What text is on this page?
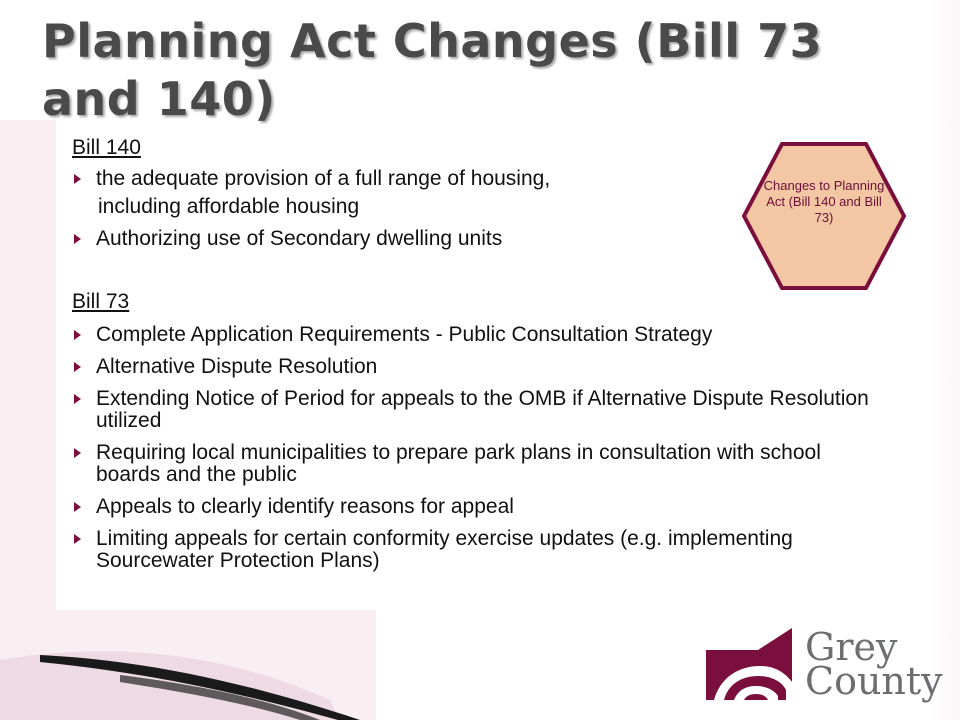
Planning Act Changes (Bill 73 and 140)
Bill 140
the adequate provision of a full range of housing,
including affordable housing
Authorizing use of Secondary dwelling units
Bill 73
Complete Application Requirements - Public Consultation Strategy
Alternative Dispute Resolution
Extending Notice of Period for appeals to the OMB if Alternative Dispute Resolution utilized
Requiring local municipalities to prepare park plans in consultation with school boards and the public
Appeals to clearly identify reasons for appeal
Limiting appeals for certain conformity exercise updates (e.g. implementing Sourcewater Protection Plans)
Changes to Planning Act (Bill 140 and Bill 73)
Grey
County
